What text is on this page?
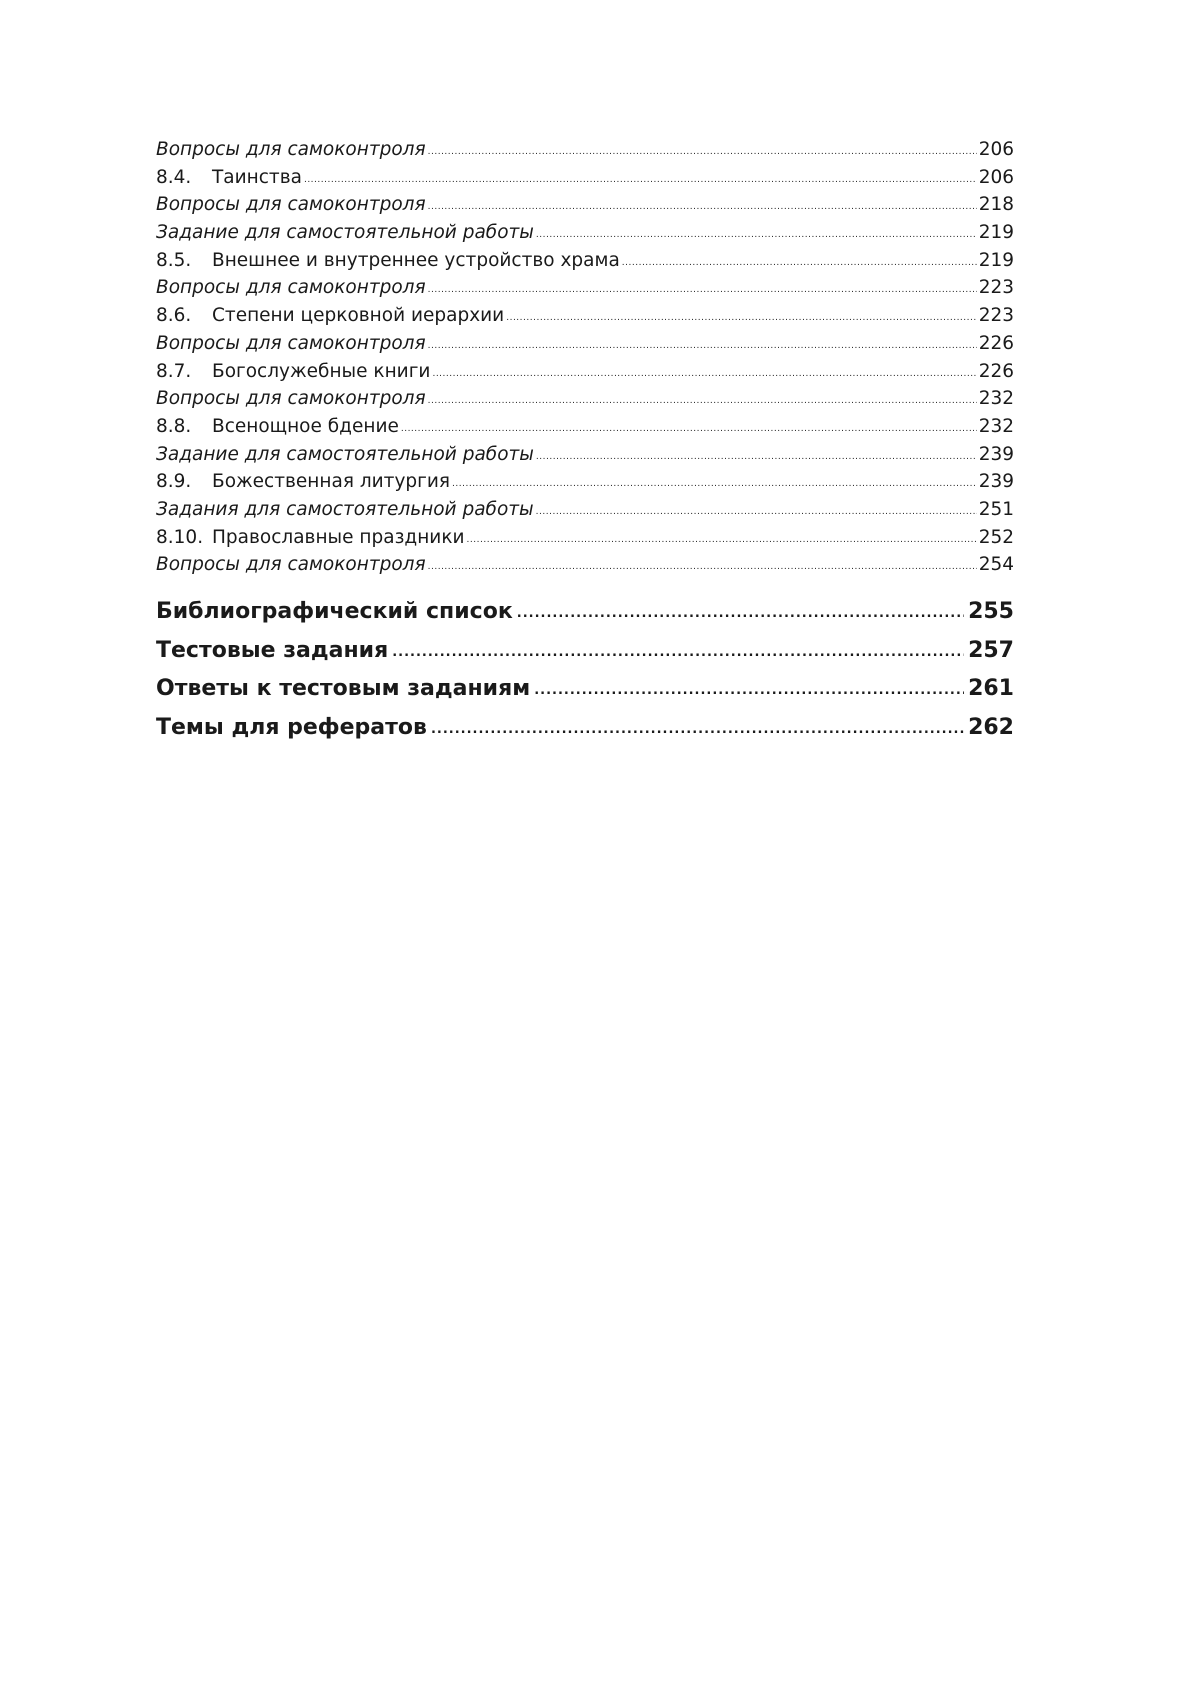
Вопросы для самоконтроля .....	206
8.4.	Таинства .....	206
Вопросы для самоконтроля .....	218
Задание для самостоятельной работы .....	219
8.5.	Внешнее и внутреннее устройство храма .....	219
Вопросы для самоконтроля .....	223
8.6.	Степени церковной иерархии .....	223
Вопросы для самоконтроля .....	226
8.7.	Богослужебные книги .....	226
Вопросы для самоконтроля .....	232
8.8.	Всенощное бдение .....	232
Задание для самостоятельной работы .....	239
8.9.	Божественная литургия .....	239
Задания для самостоятельной работы .....	251
8.10. Православные праздники .....	252
Вопросы для самоконтроля .....	254
Библиографический список .....	255
Тестовые задания .....	257
Ответы к тестовым заданиям .....	261
Темы для рефератов .....	262
